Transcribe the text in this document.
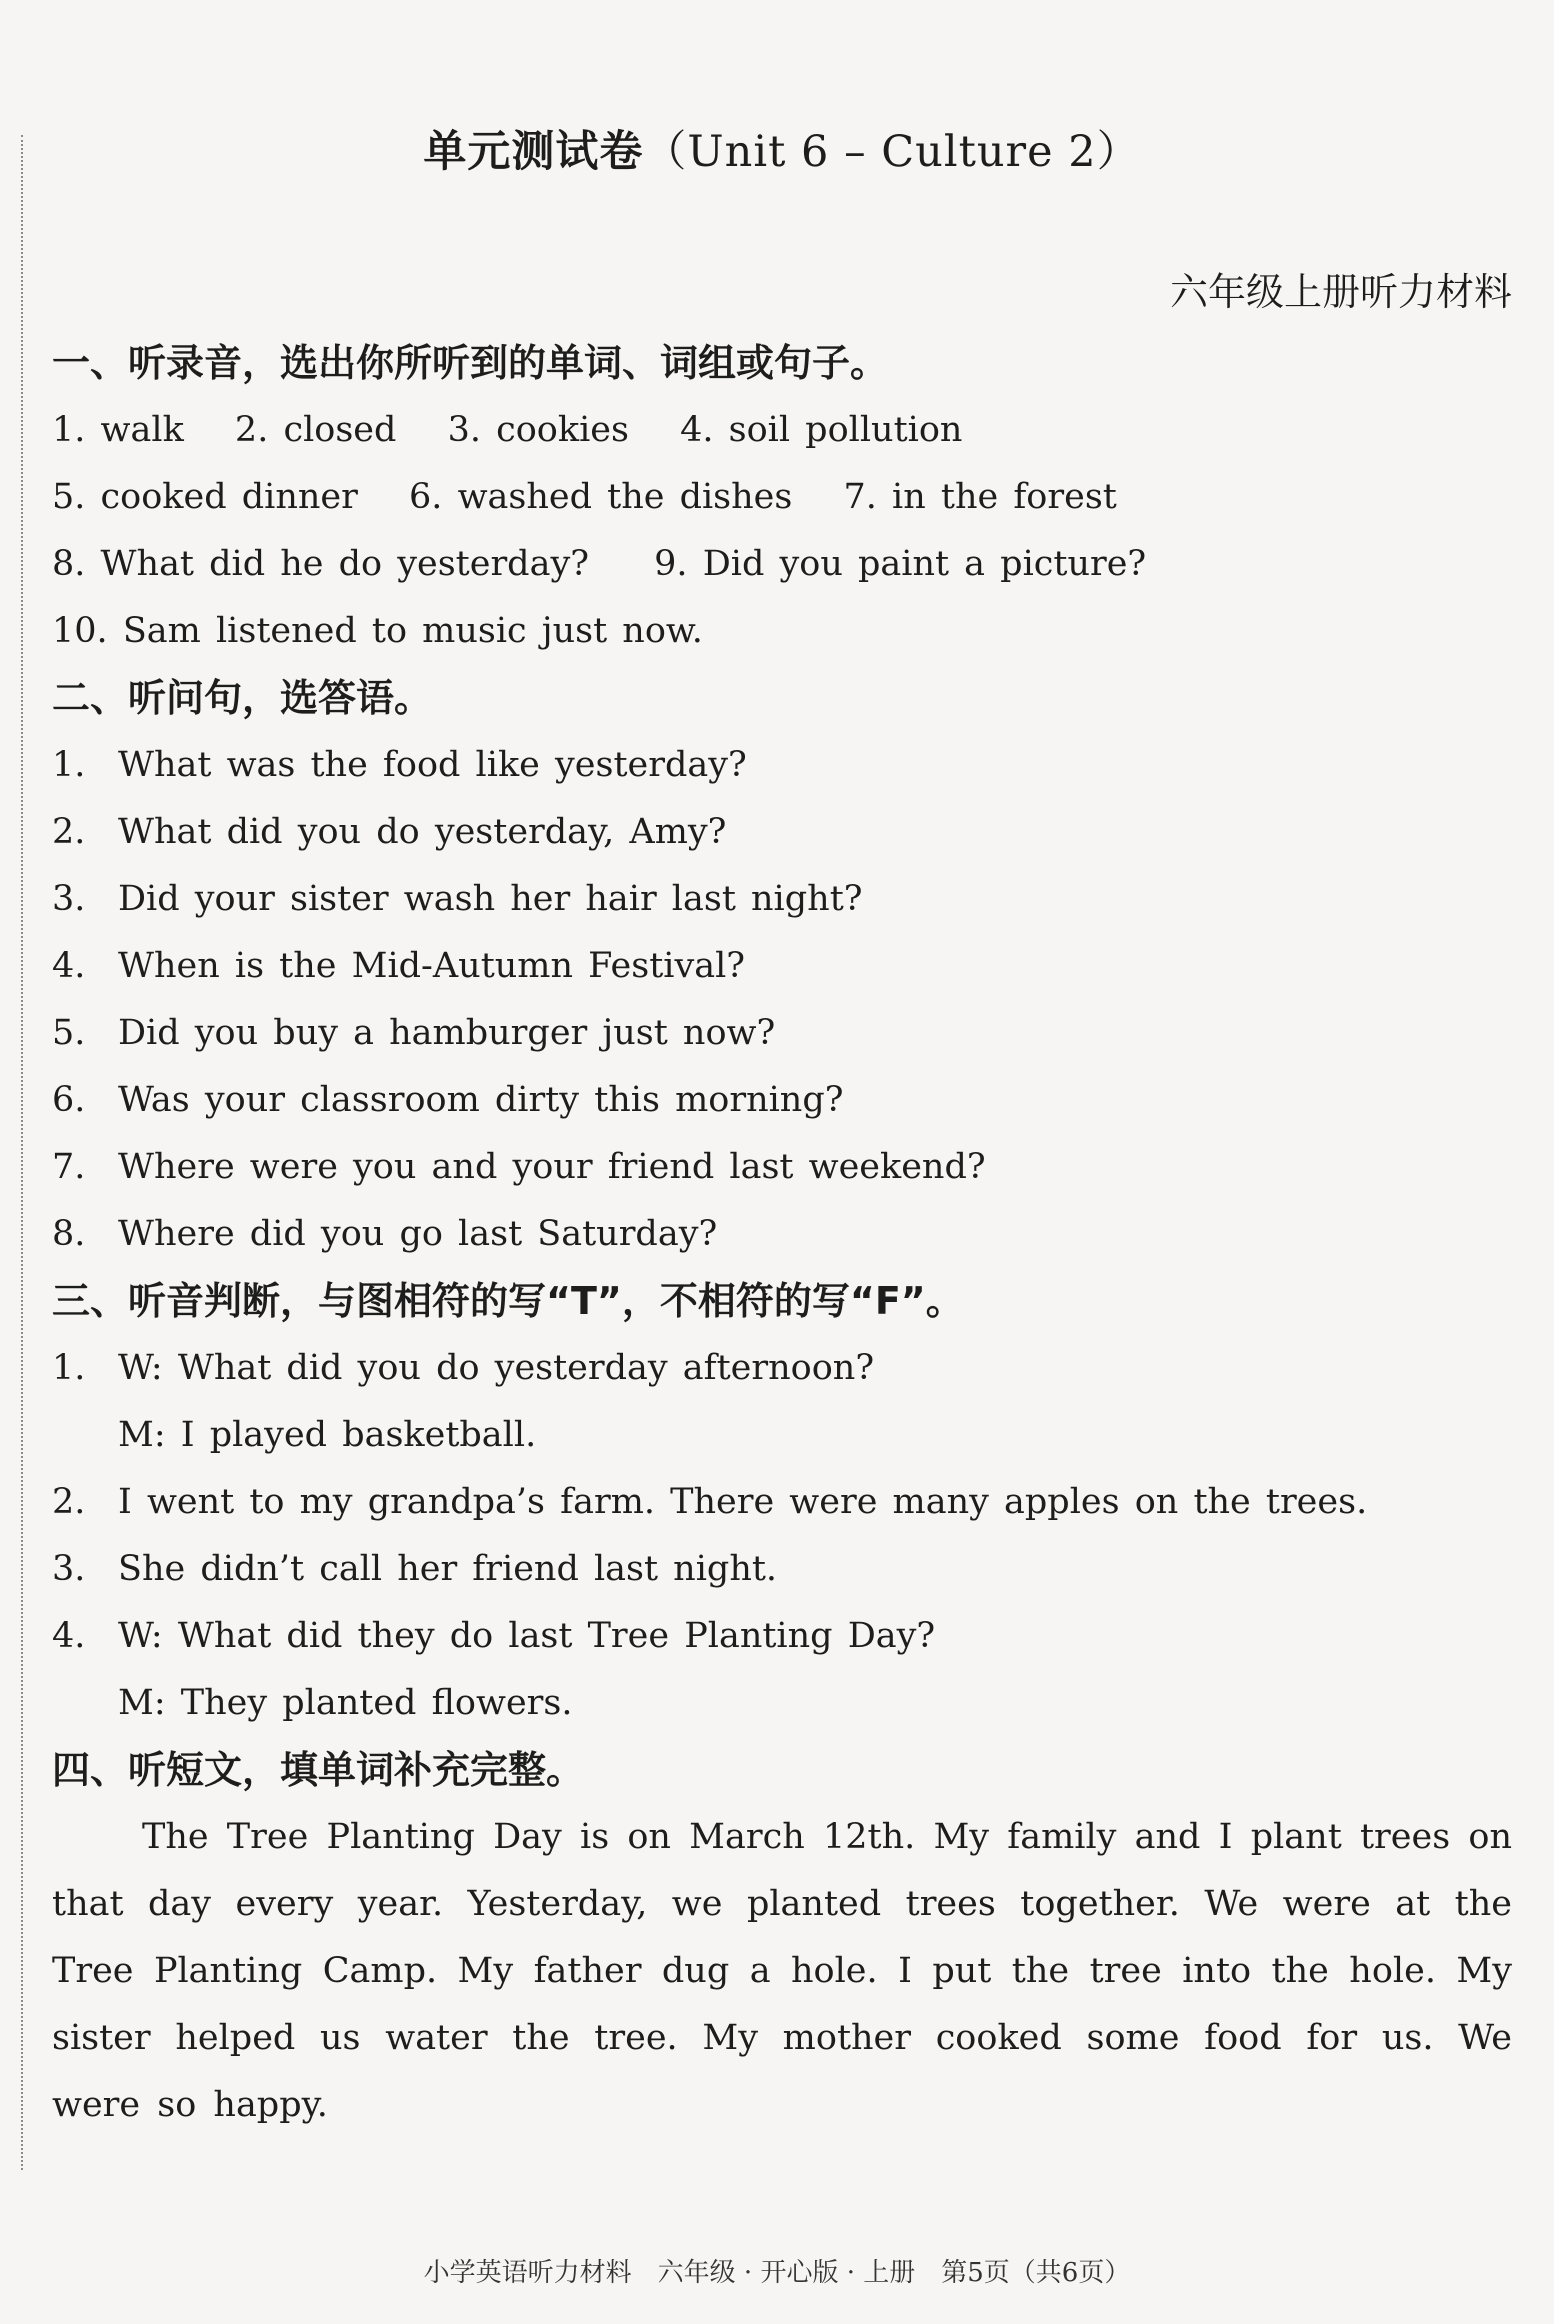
单元测试卷（Unit 6 – Culture 2）
六年级上册听力材料
一、听录音，选出你所听到的单词、词组或句子。
1. walk 2. closed 3. cookies 4. soil pollution
5. cooked dinner 6. washed the dishes 7. in the forest
8. What did he do yesterday? 9. Did you paint a picture?
10. Sam listened to music just now.
二、听问句，选答语。
1. What was the food like yesterday?
2. What did you do yesterday, Amy?
3. Did your sister wash her hair last night?
4. When is the Mid-Autumn Festival?
5. Did you buy a hamburger just now?
6. Was your classroom dirty this morning?
7. Where were you and your friend last weekend?
8. Where did you go last Saturday?
三、听音判断，与图相符的写“T”，不相符的写“F”。
1. W: What did you do yesterday afternoon?
M: I played basketball.
2. I went to my grandpa’s farm. There were many apples on the trees.
3. She didn’t call her friend last night.
4. W: What did they do last Tree Planting Day?
M: They planted flowers.
四、听短文，填单词补充完整。
The Tree Planting Day is on March 12th. My family and I plant trees on that day every year. Yesterday, we planted trees together. We were at the Tree Planting Camp. My father dug a hole. I put the tree into the hole. My sister helped us water the tree. My mother cooked some food for us. We were so happy.
小学英语听力材料　六年级 · 开心版 · 上册　第5页（共6页）
